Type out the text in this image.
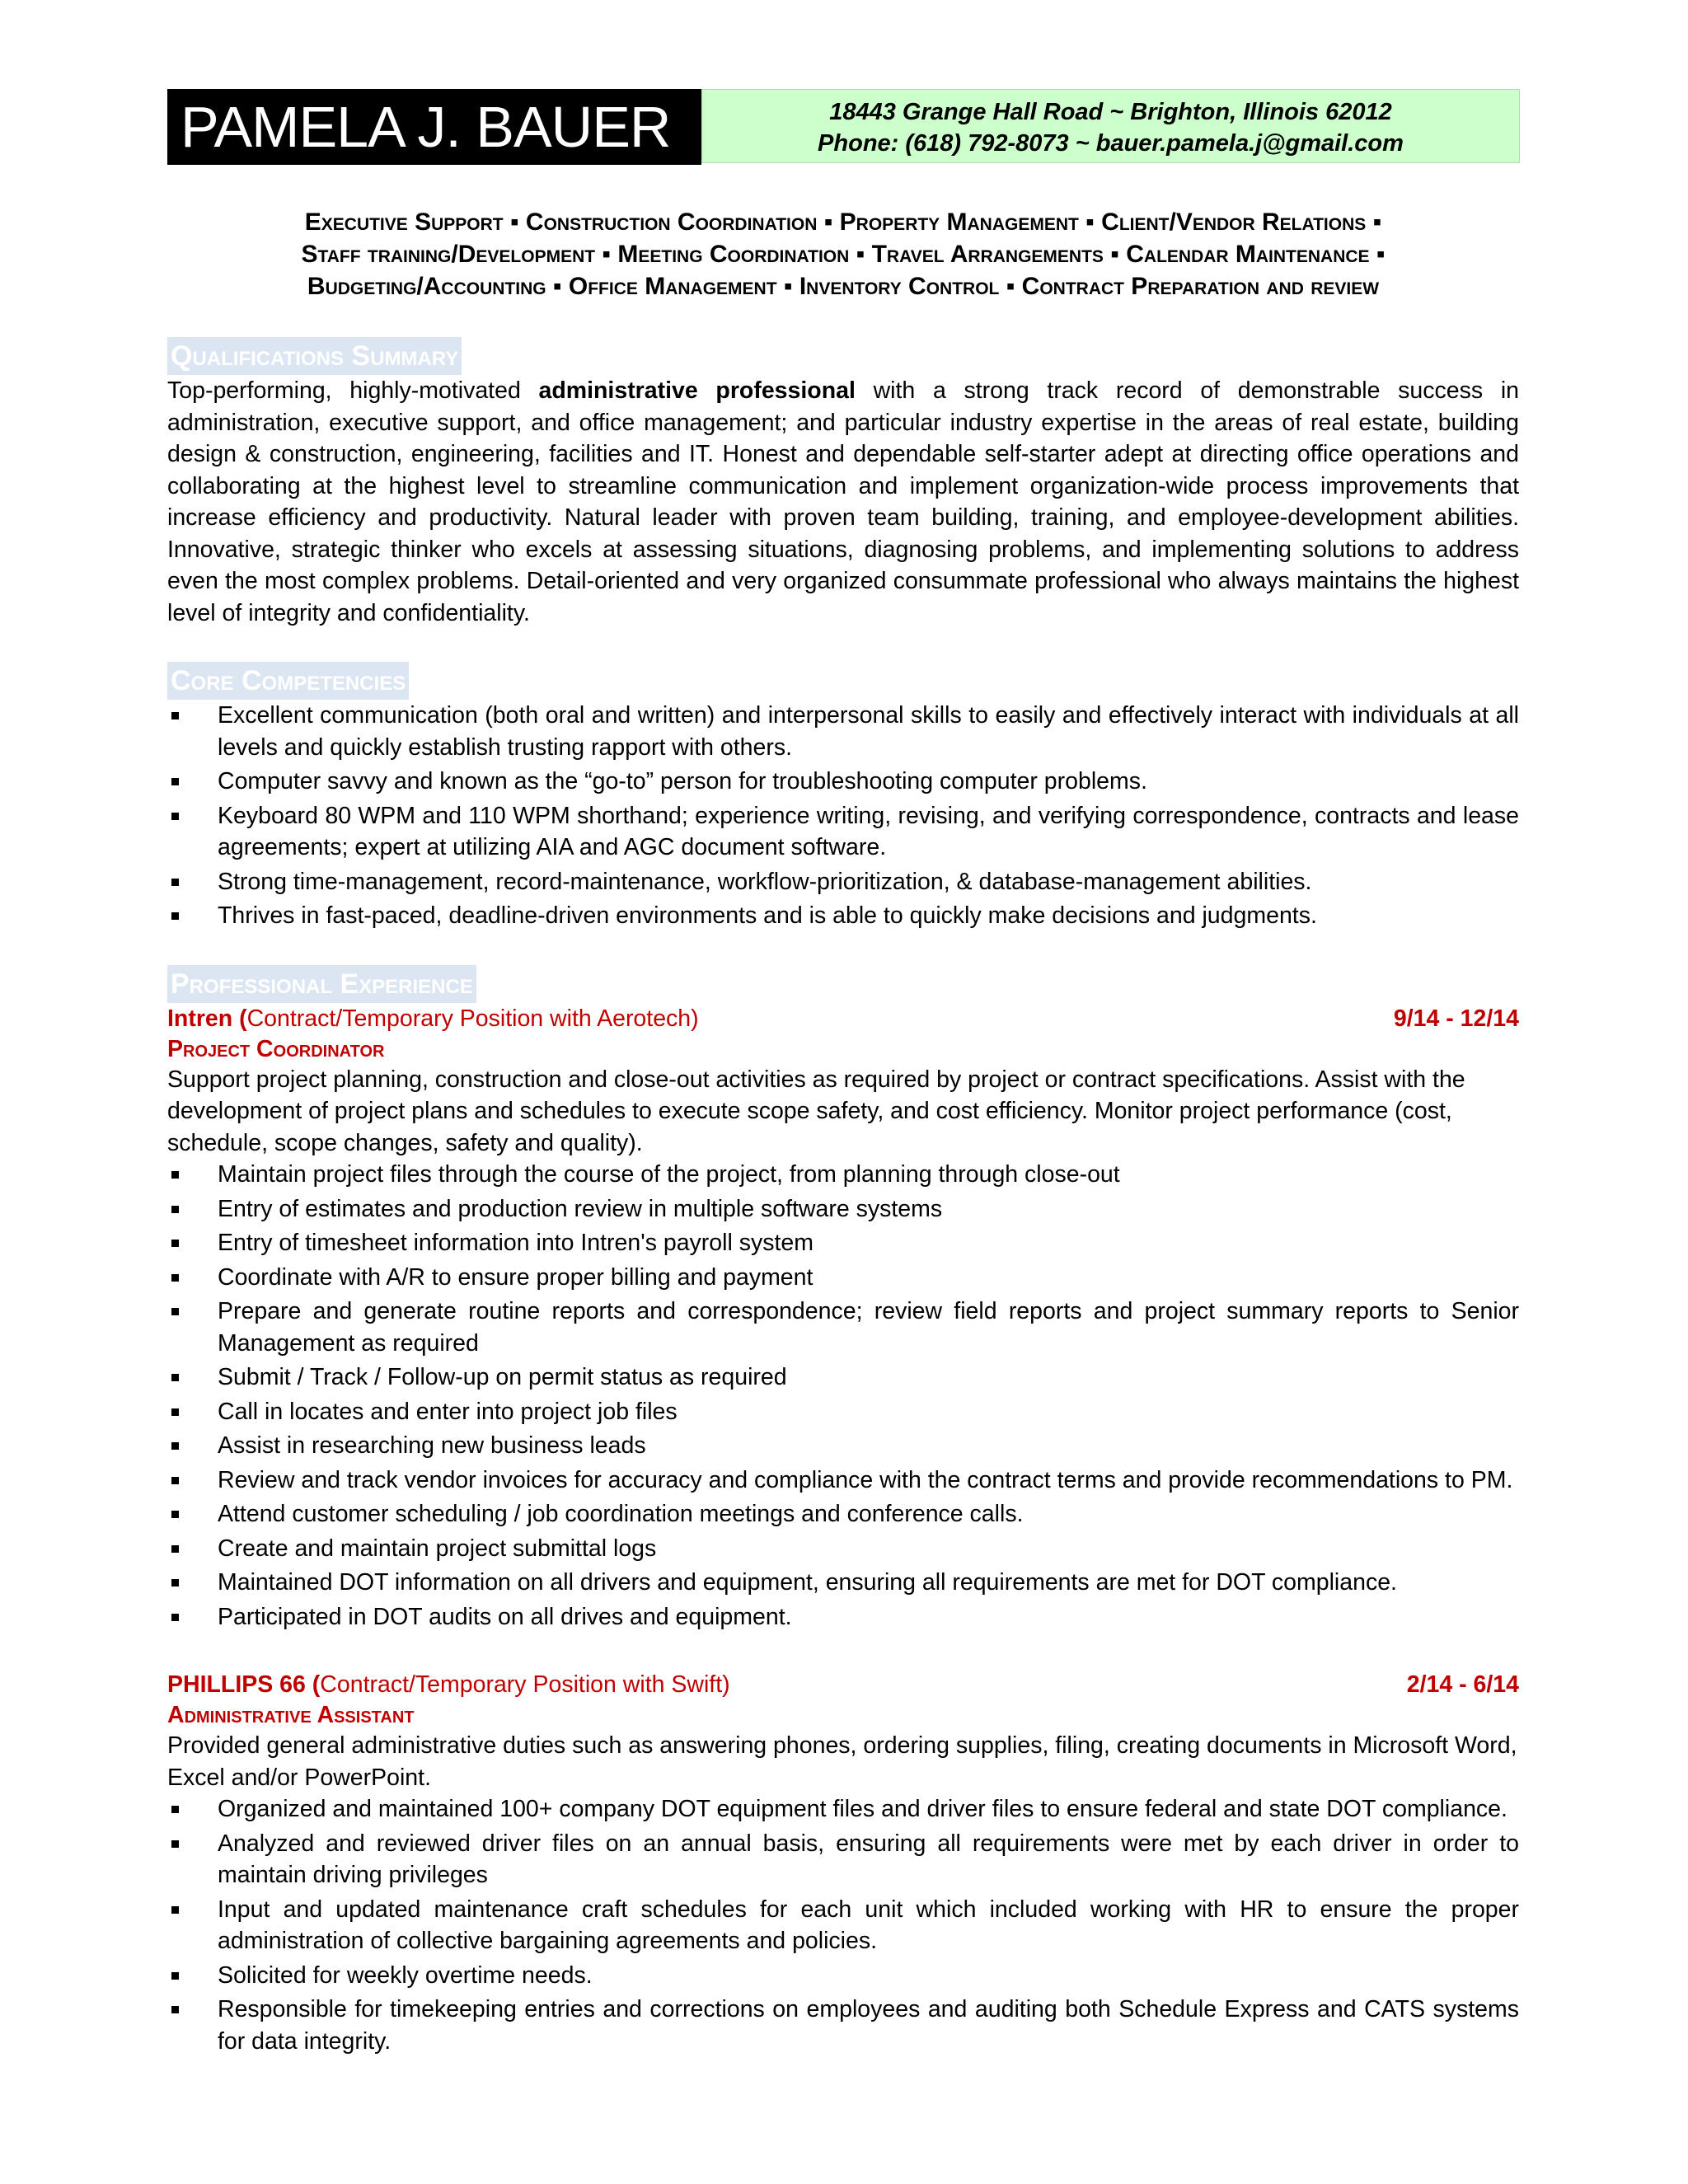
PAMELA J. BAUER	18443 Grange Hall Road ~ Brighton, Illinois 62012
Phone: (618) 792-8073 ~ bauer.pamela.j@gmail.com
Executive Support ▪ Construction Coordination ▪ Property Management ▪ Client/Vendor Relations ▪
Staff training/Development ▪ Meeting Coordination ▪ Travel Arrangements ▪ Calendar Maintenance ▪
Budgeting/Accounting ▪ Office Management ▪ Inventory Control ▪ Contract Preparation and review
Qualifications Summary

Top-performing, highly-motivated administrative professional with a strong track record of demonstrable success in administration, executive support, and office management; and particular industry expertise in the areas of real estate, building design & construction, engineering, facilities and IT. Honest and dependable self-starter adept at directing office operations and collaborating at the highest level to streamline communication and implement organization-wide process improvements that increase efficiency and productivity. Natural leader with proven team building, training, and employee-development abilities. Innovative, strategic thinker who excels at assessing situations, diagnosing problems, and implementing solutions to address even the most complex problems. Detail-oriented and very organized consummate professional who always maintains the highest level of integrity and confidentiality.

Core Competencies
Excellent communication (both oral and written) and interpersonal skills to easily and effectively interact with individuals at all levels and quickly establish trusting rapport with others.
Computer savvy and known as the “go-to” person for troubleshooting computer problems.
Keyboard 80 WPM and 110 WPM shorthand; experience writing, revising, and verifying correspondence, contracts and lease agreements; expert at utilizing AIA and AGC document software.
Strong time-management, record-maintenance, workflow-prioritization, & database-management abilities.
Thrives in fast-paced, deadline-driven environments and is able to quickly make decisions and judgments.
Professional Experience
Intren (Contract/Temporary Position with Aerotech)	9/14 - 12/14
Project Coordinator

Support project planning, construction and close-out activities as required by project or contract specifications. Assist with the development of project plans and schedules to execute scope safety, and cost efficiency. Monitor project performance (cost, schedule, scope changes, safety and quality).

Maintain project files through the course of the project, from planning through close-out
Entry of estimates and production review in multiple software systems
Entry of timesheet information into Intren's payroll system
Coordinate with A/R to ensure proper billing and payment
Prepare and generate routine reports and correspondence; review field reports and project summary reports to Senior Management as required
Submit / Track / Follow-up on permit status as required
Call in locates and enter into project job files
Assist in researching new business leads
Review and track vendor invoices for accuracy and compliance with the contract terms and provide recommendations to PM.
Attend customer scheduling / job coordination meetings and conference calls.
Create and maintain project submittal logs
Maintained DOT information on all drivers and equipment, ensuring all requirements are met for DOT compliance.
Participated in DOT audits on all drives and equipment.
PHILLIPS 66 (Contract/Temporary Position with Swift)	2/14 - 6/14
Administrative Assistant

Provided general administrative duties such as answering phones, ordering supplies, filing, creating documents in Microsoft Word, Excel and/or PowerPoint.

Organized and maintained 100+ company DOT equipment files and driver files to ensure federal and state DOT compliance.
Analyzed and reviewed driver files on an annual basis, ensuring all requirements were met by each driver in order to maintain driving privileges
Input and updated maintenance craft schedules for each unit which included working with HR to ensure the proper administration of collective bargaining agreements and policies.
Solicited for weekly overtime needs.
Responsible for timekeeping entries and corrections on employees and auditing both Schedule Express and CATS systems for data integrity.
